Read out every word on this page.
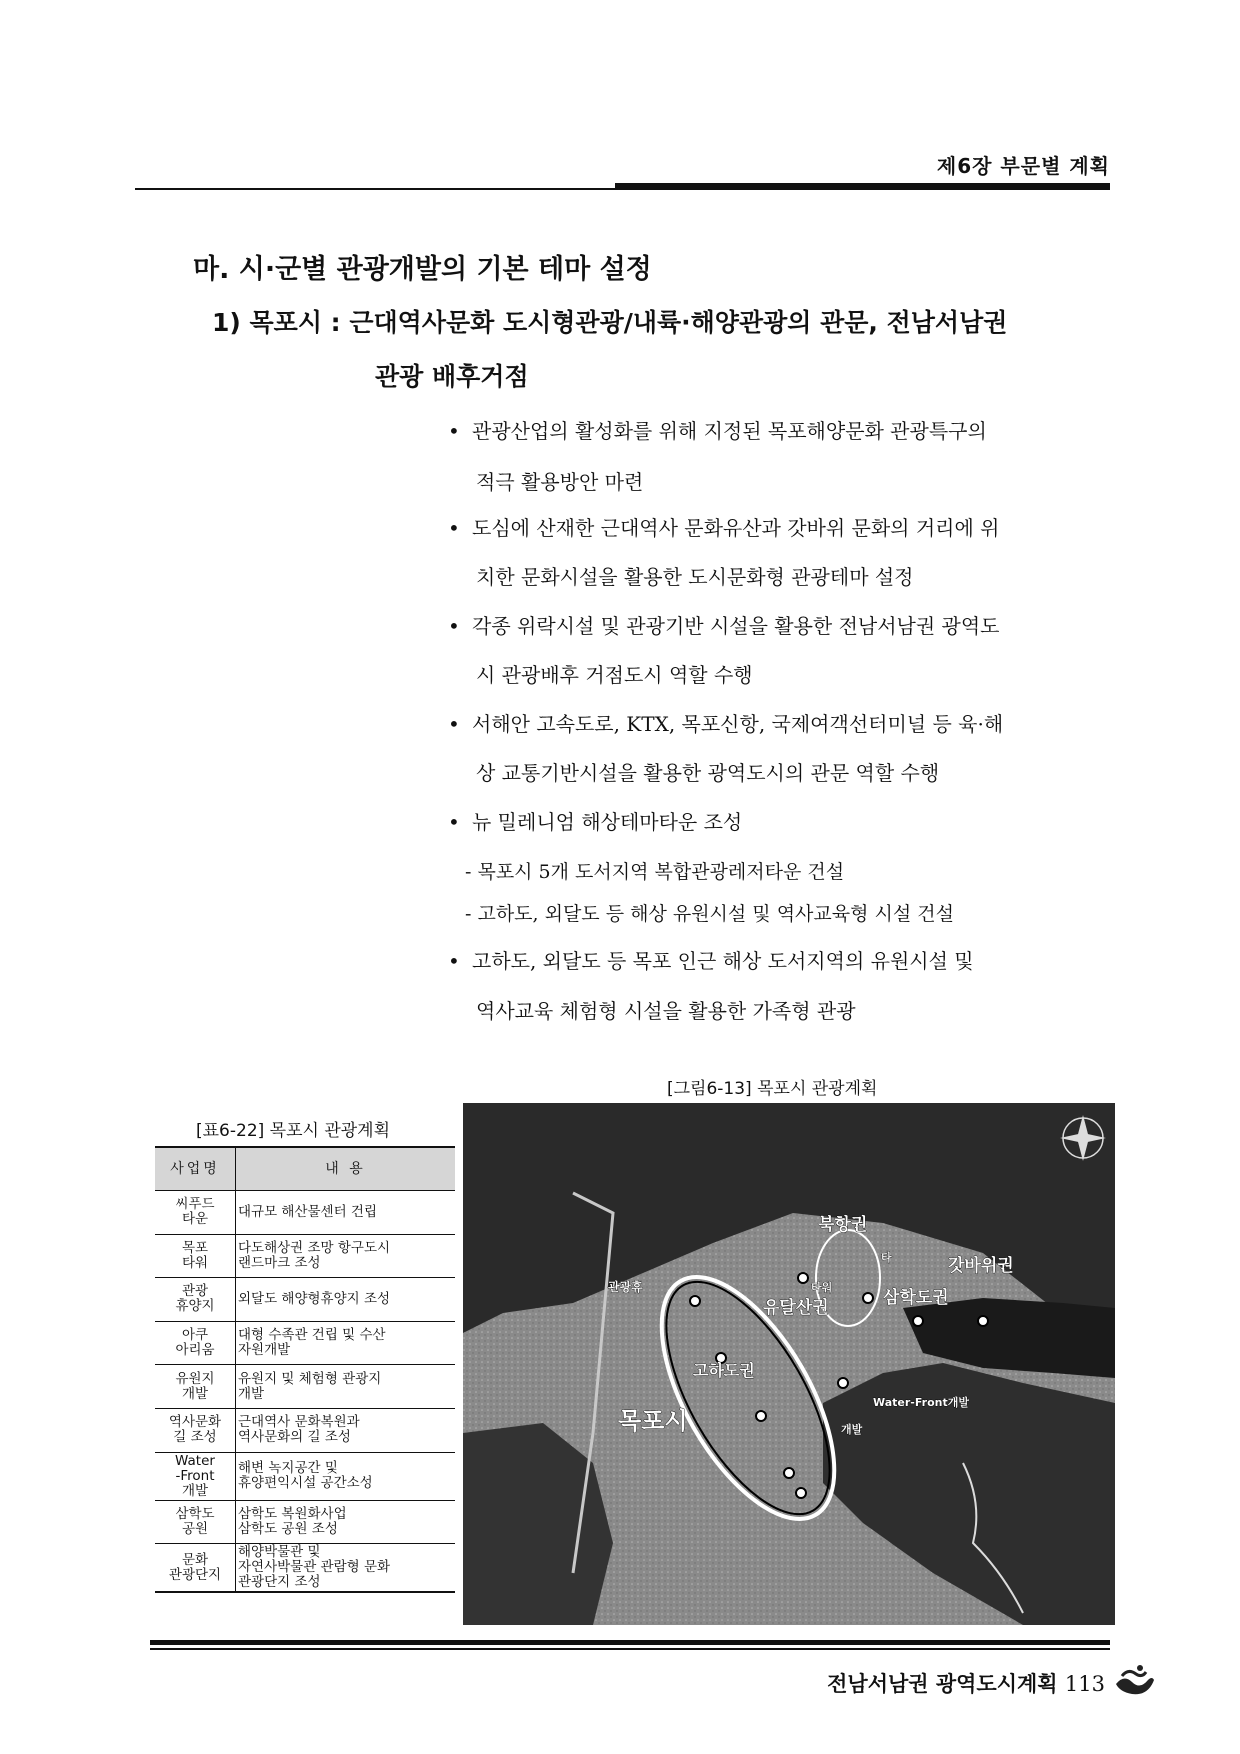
제6장 부문별 계획
마. 시·군별 관광개발의 기본 테마 설정
1) 목포시 : 근대역사문화 도시형관광/내륙·해양관광의 관문, 전남서남권
관광 배후거점
• 관광산업의 활성화를 위해 지정된 목포해양문화 관광특구의
적극 활용방안 마련
• 도심에 산재한 근대역사 문화유산과 갓바위 문화의 거리에 위
치한 문화시설을 활용한 도시문화형 관광테마 설정
• 각종 위락시설 및 관광기반 시설을 활용한 전남서남권 광역도
시 관광배후 거점도시 역할 수행
• 서해안 고속도로, KTX, 목포신항, 국제여객선터미널 등 육·해
상 교통기반시설을 활용한 광역도시의 관문 역할 수행
• 뉴 밀레니엄 해상테마타운 조성
- 목포시 5개 도서지역 복합관광레저타운 건설
- 고하도, 외달도 등 해상 유원시설 및 역사교육형 시설 건설
• 고하도, 외달도 등 목포 인근 해상 도서지역의 유원시설 및
역사교육 체험형 시설을 활용한 가족형 관광
[표6-22] 목포시 관광계획
사업명	내 용
씨푸드
타운	대규모 해산물센터 건립
목포
타워	다도해상권 조망 항구도시
랜드마크 조성
관광
휴양지	외달도 해양형휴양지 조성
아쿠
아리움	대형 수족관 건립 및 수산
자원개발
유원지
개발	유원지 및 체험형 관광지
개발
역사문화
길 조성	근대역사 문화복원과
역사문화의 길 조성
Water
-Front
개발	해변 녹지공간 및
휴양편익시설 공간소성
삼학도
공원	삼학도 복원화사업
삼학도 공원 조성
문화
관광단지	해양박물관 및
자연사박물관 관람형 문화
관광단지 조성
[그림6-13] 목포시 관광계획
북항권
갓바위권
유달산권	삼학도권
고하도권
목포시
관광휴	타워
타
Water-Front개발
개발
전남서남권 광역도시계획 113
